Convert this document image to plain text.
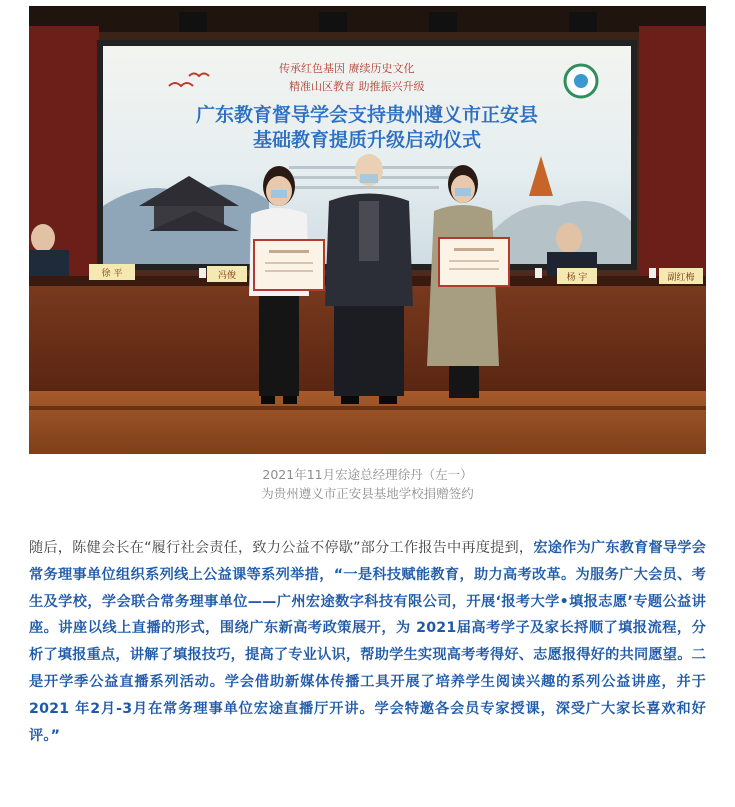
传承红色基因 赓续历史文化
精准山区教育 助推振兴升级
广东教育督导学会支持贵州遵义市正安县
基础教育提质升级启动仪式
徐 平	冯俊	杨 宇	副红梅
2021年11月宏途总经理徐丹（左一）
为贵州遵义市正安县基地学校捐赠签约
随后，陈健会长在“履行社会责任，致力公益不停歇”部分工作报告中再度提到，宏途作为广东教育督导学会常务理事单位组织系列线上公益课等系列举措，“一是科技赋能教育，助力高考改革。为服务广大会员、考生及学校，学会联合常务理事单位——广州宏途数字科技有限公司，开展‘报考大学•填报志愿’专题公益讲座。讲座以线上直播的形式，围绕广东新高考政策展开，为 2021届高考学子及家长捋顺了填报流程，分析了填报重点，讲解了填报技巧，提高了专业认识，帮助学生实现高考考得好、志愿报得好的共同愿望。二是开学季公益直播系列活动。学会借助新媒体传播工具开展了培养学生阅读兴趣的系列公益讲座，并于2021 年2月-3月在常务理事单位宏途直播厅开讲。学会特邀各会员专家授课，深受广大家长喜欢和好评。”
